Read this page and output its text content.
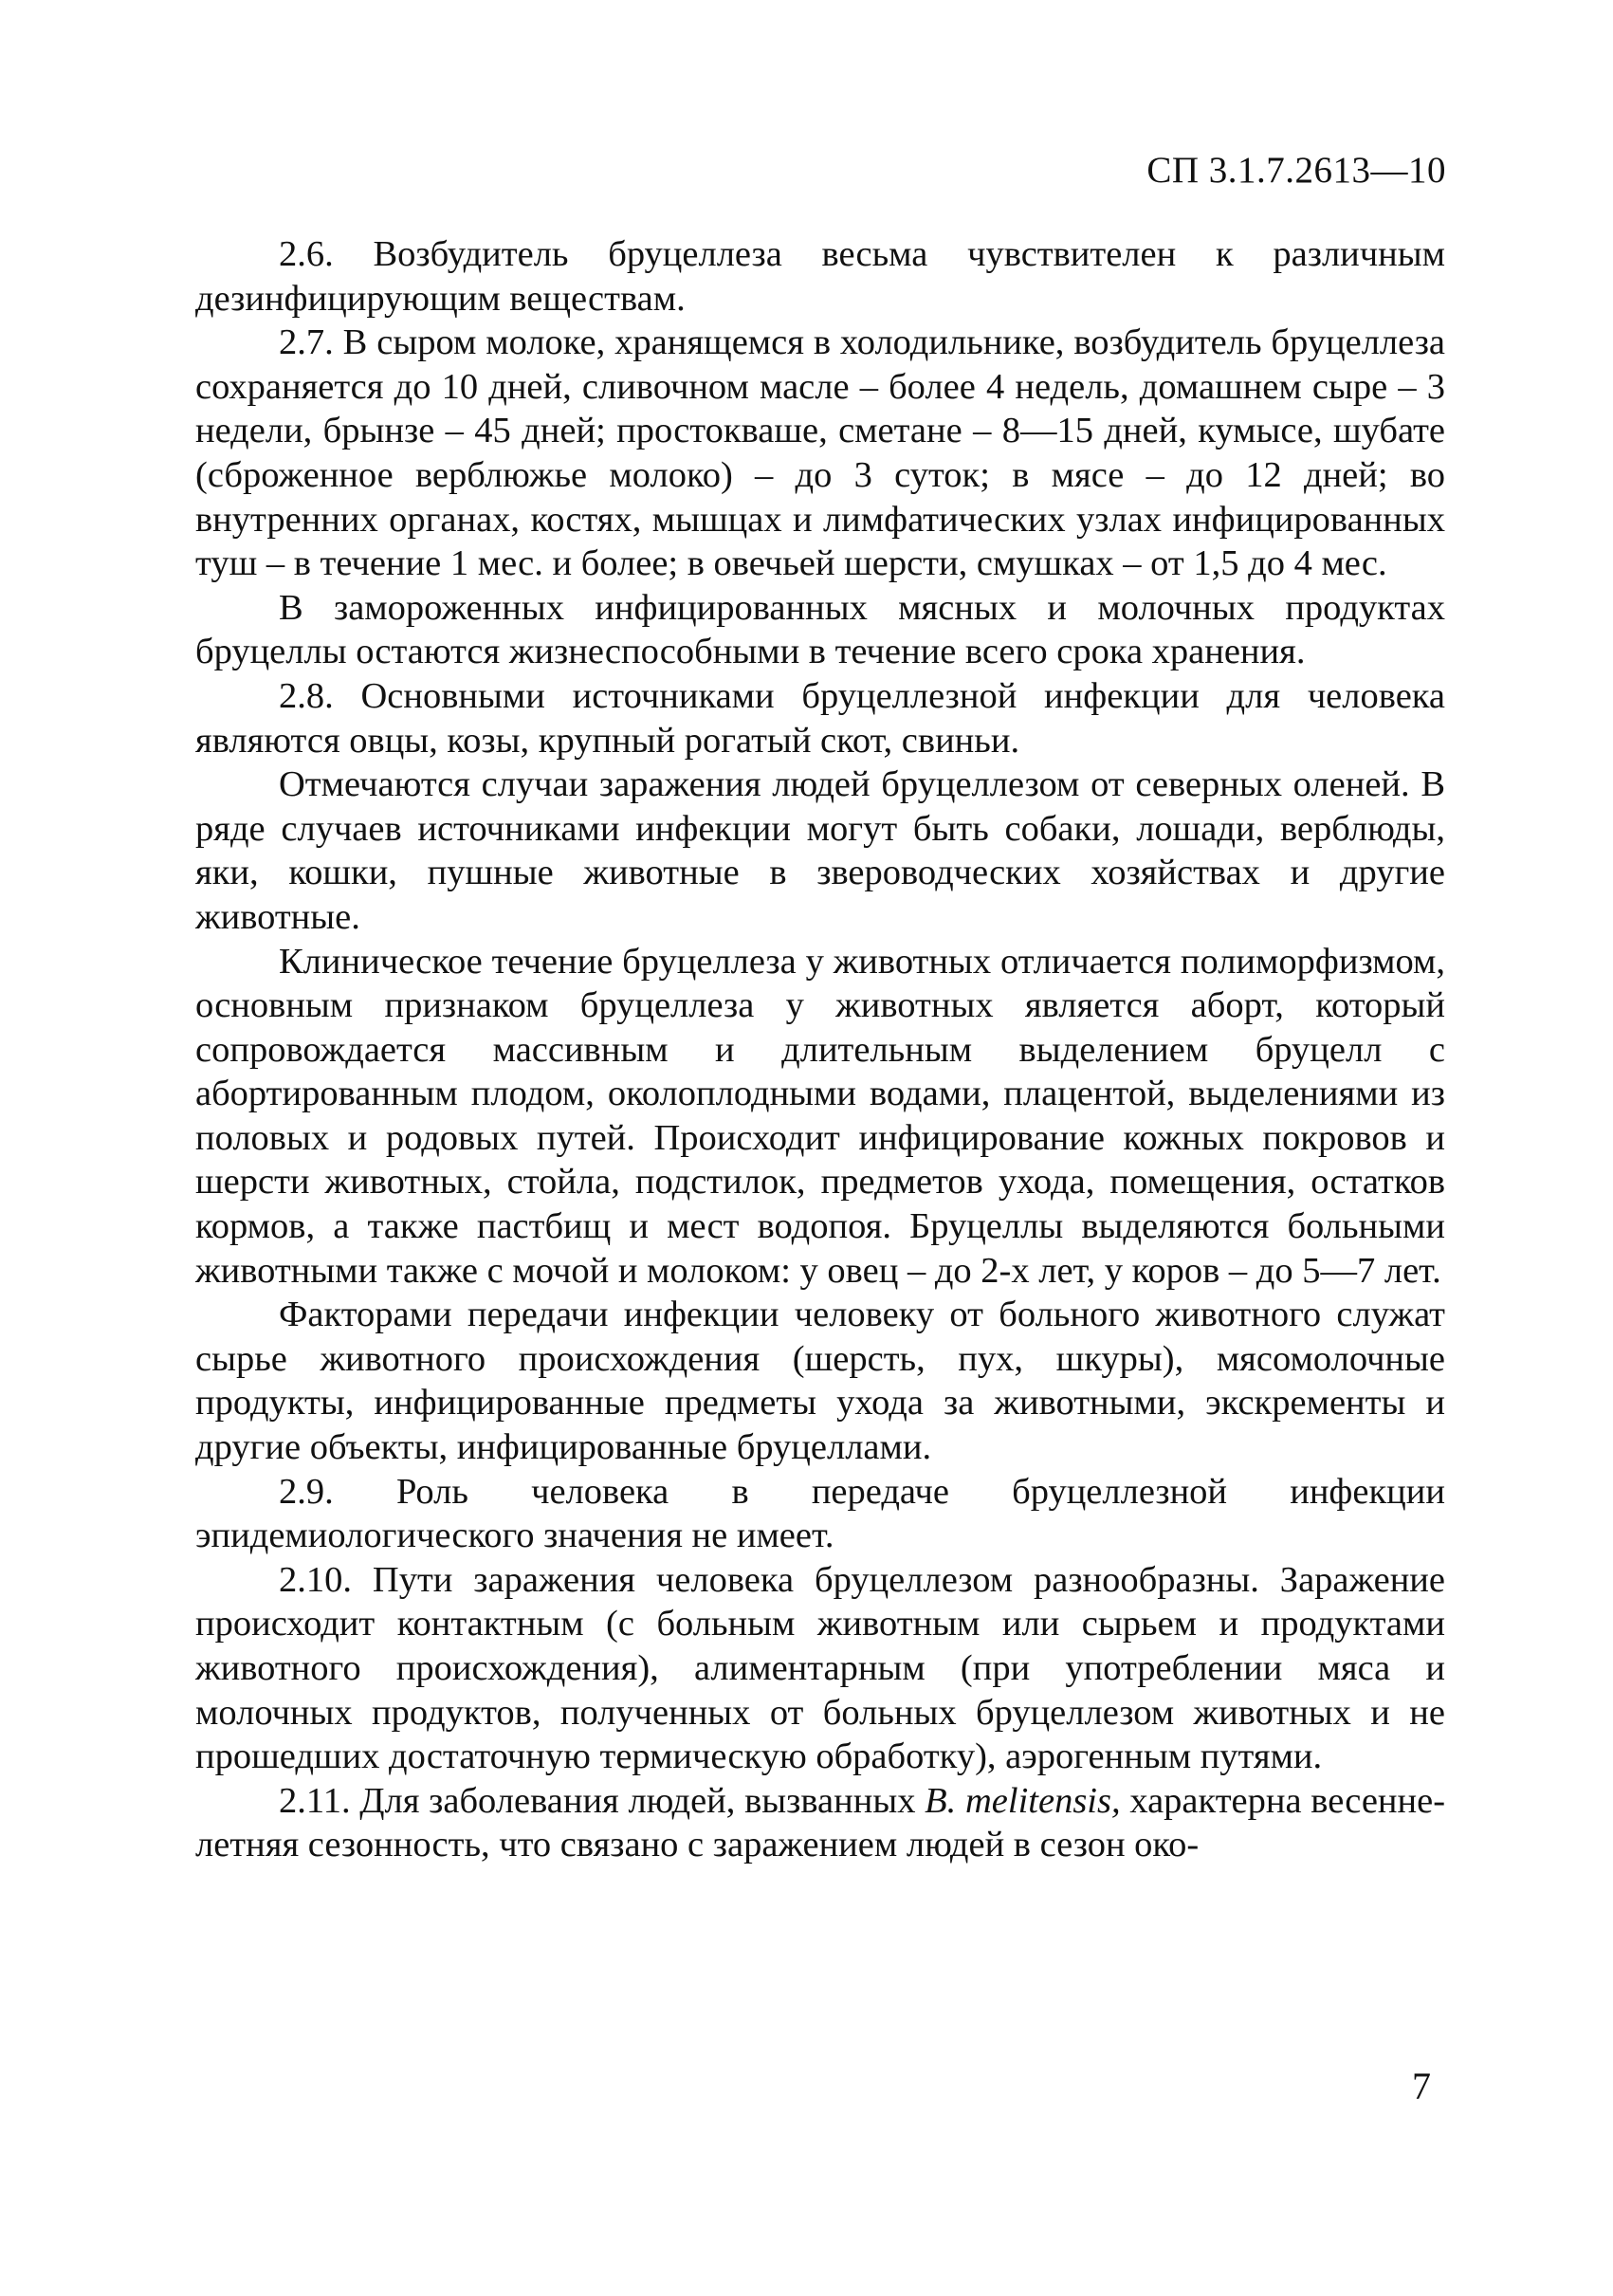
СП 3.1.7.2613—10

2.6. Возбудитель бруцеллеза весьма чувствителен к различным дезинфицирующим веществам.

2.7. В сыром молоке, хранящемся в холодильнике, возбудитель бруцеллеза сохраняется до 10 дней, сливочном масле – более 4 недель, домашнем сыре – 3 недели, брынзе – 45 дней; простокваше, сметане – 8—15 дней, кумысе, шубате (сброженное верблюжье молоко) – до 3 суток; в мясе – до 12 дней; во внутренних органах, костях, мышцах и лимфатических узлах инфицированных туш – в течение 1 мес. и более; в овечьей шерсти, смушках – от 1,5 до 4 мес.

В замороженных инфицированных мясных и молочных продуктах бруцеллы остаются жизнеспособными в течение всего срока хранения.

2.8. Основными источниками бруцеллезной инфекции для человека являются овцы, козы, крупный рогатый скот, свиньи.

Отмечаются случаи заражения людей бруцеллезом от северных оленей. В ряде случаев источниками инфекции могут быть собаки, лошади, верблюды, яки, кошки, пушные животные в звероводческих хозяйствах и другие животные.

Клиническое течение бруцеллеза у животных отличается полиморфизмом, основным признаком бруцеллеза у животных является аборт, который сопровождается массивным и длительным выделением бруцелл с абортированным плодом, околоплодными водами, плацентой, выделениями из половых и родовых путей. Происходит инфицирование кожных покровов и шерсти животных, стойла, подстилок, предметов ухода, помещения, остатков кормов, а также пастбищ и мест водопоя. Бруцеллы выделяются больными животными также с мочой и молоком: у овец – до 2-х лет, у коров – до 5—7 лет.

Факторами передачи инфекции человеку от больного животного служат сырье животного происхождения (шерсть, пух, шкуры), мясомолочные продукты, инфицированные предметы ухода за животными, экскременты и другие объекты, инфицированные бруцеллами.

2.9. Роль человека в передаче бруцеллезной инфекции эпидемиологического значения не имеет.

2.10. Пути заражения человека бруцеллезом разнообразны. Заражение происходит контактным (с больным животным или сырьем и продуктами животного происхождения), алиментарным (при употреблении мяса и молочных продуктов, полученных от больных бруцеллезом животных и не прошедших достаточную термическую обработку), аэрогенным путями.

2.11. Для заболевания людей, вызванных B. melitensis, характерна весенне-летняя сезонность, что связано с заражением людей в сезон око-

7
